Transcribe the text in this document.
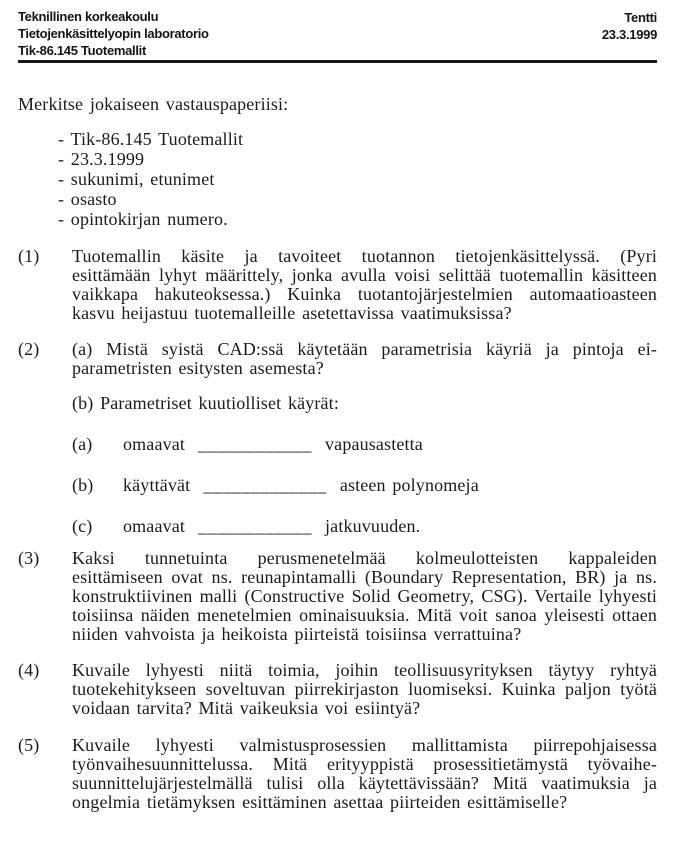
Teknillinen korkeakoulu
Tietojenkäsittelyopin laboratorio
Tik-86.145 Tuotemallit
Tentti
23.3.1999

Merkitse jokaiseen vastauspaperiisi:

- Tik-86.145 Tuotemallit
- 23.3.1999
- sukunimi, etunimet
- osasto
- opintokirjan numero.
(1)	Tuotemallin käsite ja tavoiteet tuotannon tietojenkäsittelyssä. (Pyri esittämään lyhyt määrittely, jonka avulla voisi selittää tuotemallin käsitteen vaikkapa hakuteoksessa.) Kuinka tuotantojärjestelmien automaatioasteen kasvu heijastuu tuotemalleille asetettavissa vaatimuksissa?
(2)	(a) Mistä syistä CAD:ssä käytetään parametrisia käyriä ja pintoja ei-parametristen esitysten asemesta?

(b) Parametriset kuutiolliset käyrät:

(a)	omaavat ____________ vapausastetta
(b)	käyttävät _____________ asteen polynomeja
(c)	omaavat ____________ jatkuvuuden.
(3)	Kaksi tunnetuinta perusmenetelmää kolmeulotteisten kappaleiden esittämiseen ovat ns. reunapintamalli (Boundary Representation, BR) ja ns. konstruktiivinen malli (Constructive Solid Geometry, CSG). Vertaile lyhyesti toisiinsa näiden menetelmien ominaisuuksia. Mitä voit sanoa yleisesti ottaen niiden vahvoista ja heikoista piirteistä toisiinsa verrattuina?
(4)	Kuvaile lyhyesti niitä toimia, joihin teollisuusyrityksen täytyy ryhtyä tuotekehitykseen soveltuvan piirrekirjaston luomiseksi. Kuinka paljon työtä voidaan tarvita? Mitä vaikeuksia voi esiintyä?
(5)	Kuvaile lyhyesti valmistusprosessien mallittamista piirrepohjaisessa työnvaihesuunnittelussa. Mitä erityyppistä prosessitietämystä työvaihe-suunnittelujärjestelmällä tulisi olla käytettävissään? Mitä vaatimuksia ja ongelmia tietämyksen esittäminen asettaa piirteiden esittämiselle?
